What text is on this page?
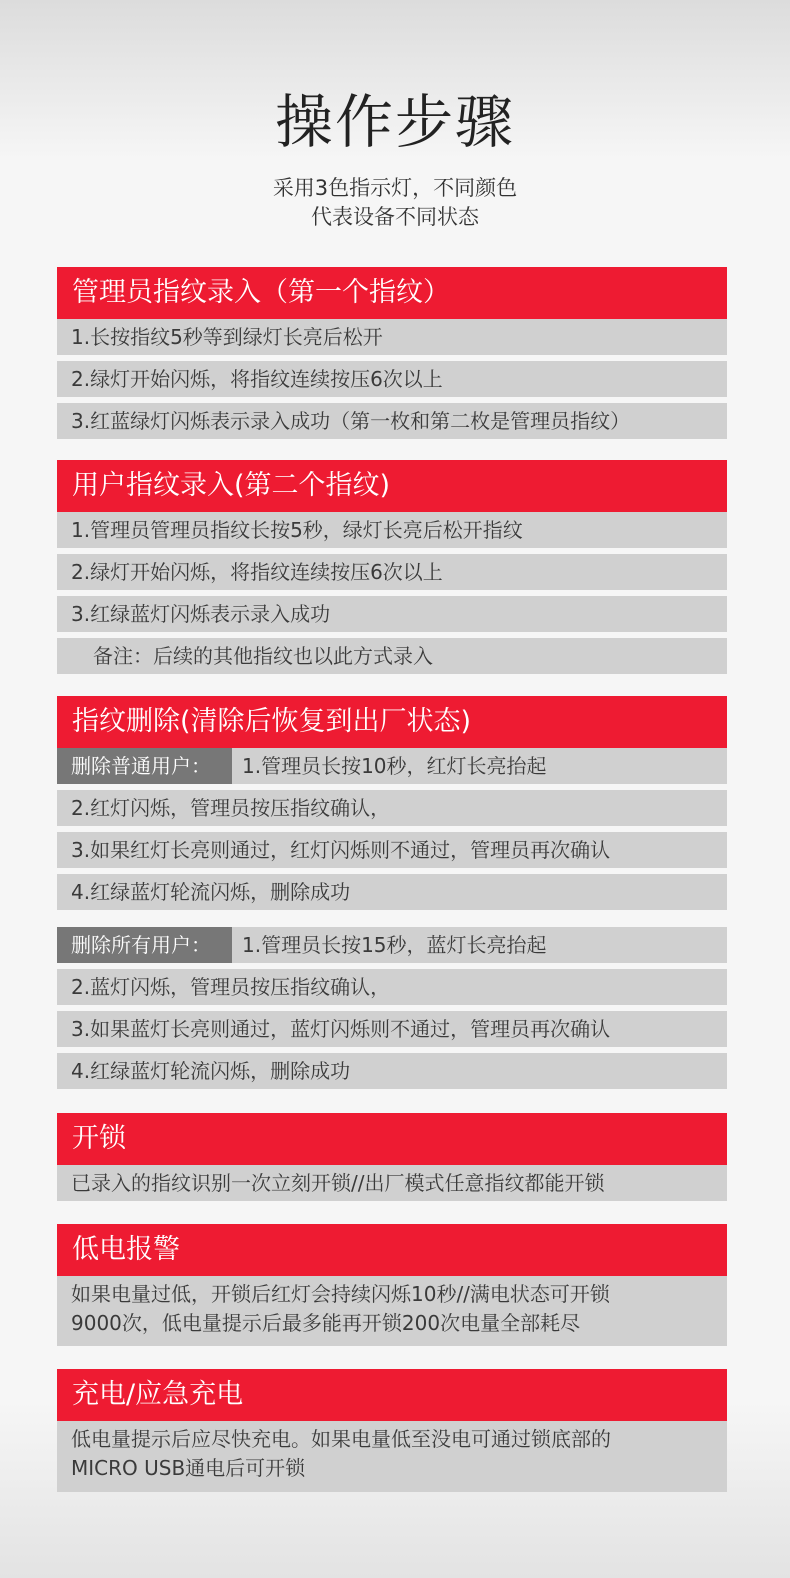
操作步骤
采用3色指示灯，不同颜色
代表设备不同状态
管理员指纹录入（第一个指纹）
1.长按指纹5秒等到绿灯长亮后松开
2.绿灯开始闪烁，将指纹连续按压6次以上
3.红蓝绿灯闪烁表示录入成功（第一枚和第二枚是管理员指纹）
用户指纹录入(第二个指纹)
1.管理员管理员指纹长按5秒，绿灯长亮后松开指纹
2.绿灯开始闪烁，将指纹连续按压6次以上
3.红绿蓝灯闪烁表示录入成功
备注：后续的其他指纹也以此方式录入
指纹删除(清除后恢复到出厂状态)
删除普通用户： 1.管理员长按10秒，红灯长亮抬起
2.红灯闪烁，管理员按压指纹确认，
3.如果红灯长亮则通过，红灯闪烁则不通过，管理员再次确认
4.红绿蓝灯轮流闪烁，删除成功
删除所有用户： 1.管理员长按15秒，蓝灯长亮抬起
2.蓝灯闪烁，管理员按压指纹确认，
3.如果蓝灯长亮则通过，蓝灯闪烁则不通过，管理员再次确认
4.红绿蓝灯轮流闪烁，删除成功
开锁
已录入的指纹识别一次立刻开锁//出厂模式任意指纹都能开锁
低电报警
如果电量过低，开锁后红灯会持续闪烁10秒//满电状态可开锁
9000次，低电量提示后最多能再开锁200次电量全部耗尽
充电/应急充电
低电量提示后应尽快充电。如果电量低至没电可通过锁底部的
MICRO USB通电后可开锁
